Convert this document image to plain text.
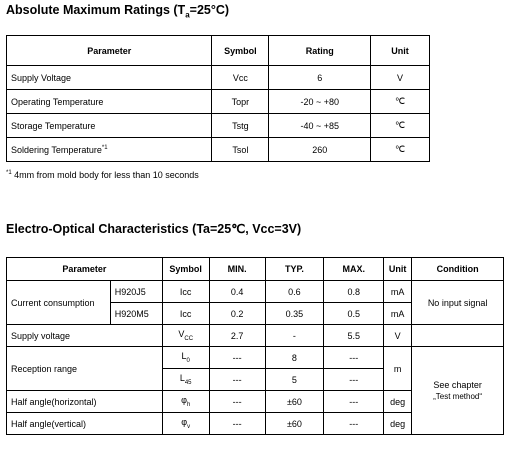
Absolute Maximum Ratings $(T_a=25^\circ C)$
Parameter	Symbol	Rating	Unit
Supply Voltage	Vcc	6	V
Operating Temperature	Topr	-20 ~ +80	℃
Storage Temperature	Tstg	-40 ~ +85	℃
Soldering Temperature$^{*1}$	Tsol	260	℃
$^{*1}$ 4mm from mold body for less than 10 seconds
Electro-Optical Characteristics (Ta=25℃, Vcc=3V)
Parameter		Symbol	MIN.	TYP.	MAX.	Unit	Condition
Current consumption	H920J5	Icc	0.4	0.6	0.8	mA	No input signal
	H920M5	Icc	0.2	0.35	0.5	mA	
Supply voltage		$V_{CC}$	2.7	-	5.5	V	
Reception range		$L_0$	---	8	---	m	See chapter
„Test method“

		$L_{45}$	---	5	---		
Half angle(horizontal)		$\varphi_h$	---	±60	---	deg	
Half angle(vertical)		$\varphi_v$	---	±60	---	deg	
